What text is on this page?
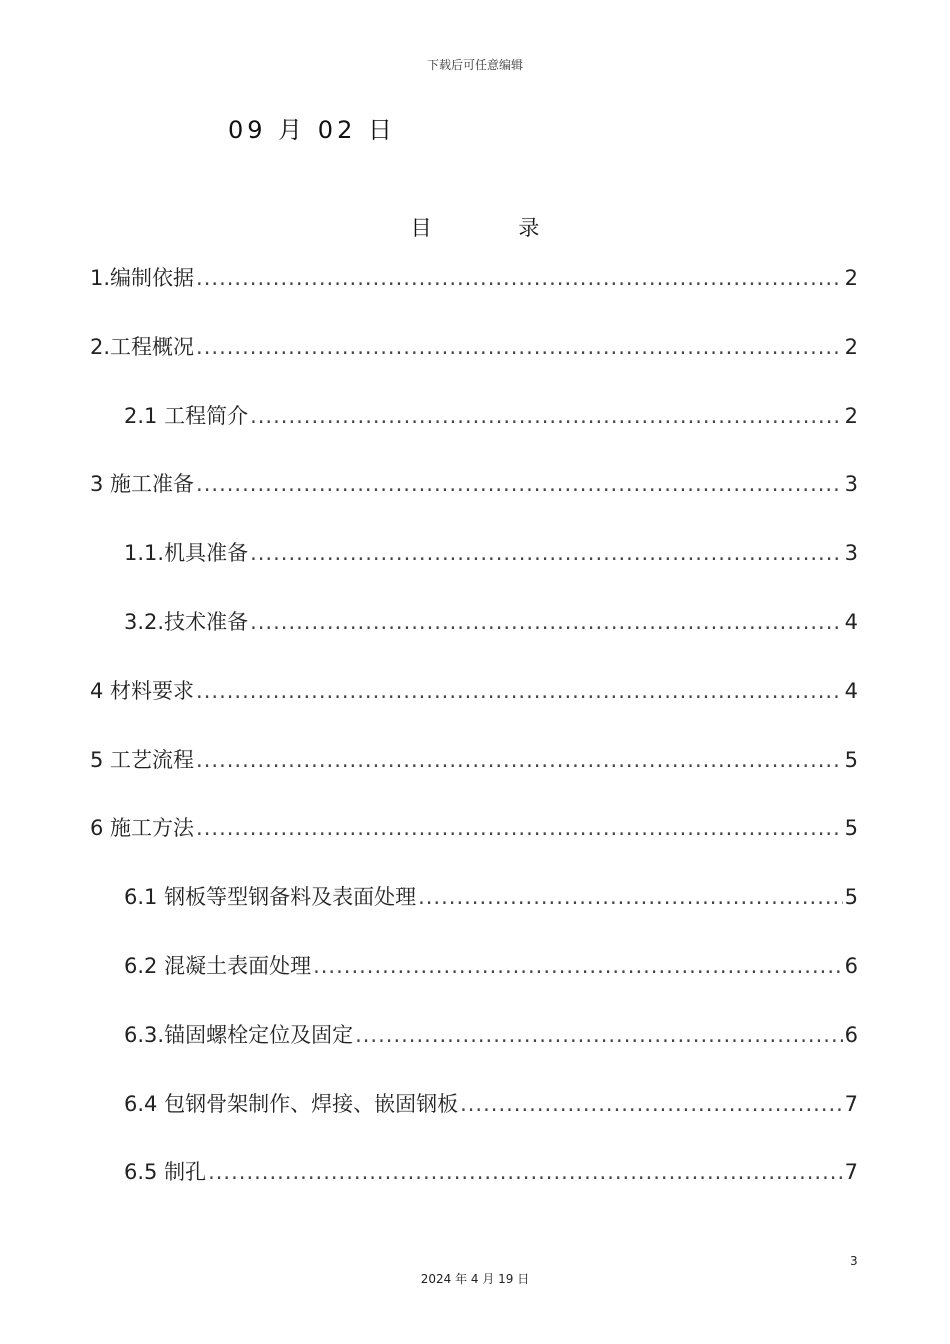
下载后可任意编辑
09 月 02 日
目 录
1.编制依据 .....	2
2.工程概况 .....	2
2.1 工程简介 .....	2
3 施工准备 .....	3
1.1.机具准备 .....	3
3.2.技术准备 .....	4
4 材料要求 .....	4
5 工艺流程 .....	5
6 施工方法 .....	5
6.1 钢板等型钢备料及表面处理 .....	5
6.2 混凝土表面处理 .....	6
6.3.锚固螺栓定位及固定 .....	6
6.4 包钢骨架制作、焊接、嵌固钢板 .....	7
6.5 制孔 .....	7
3
2024 年 4 月 19 日
